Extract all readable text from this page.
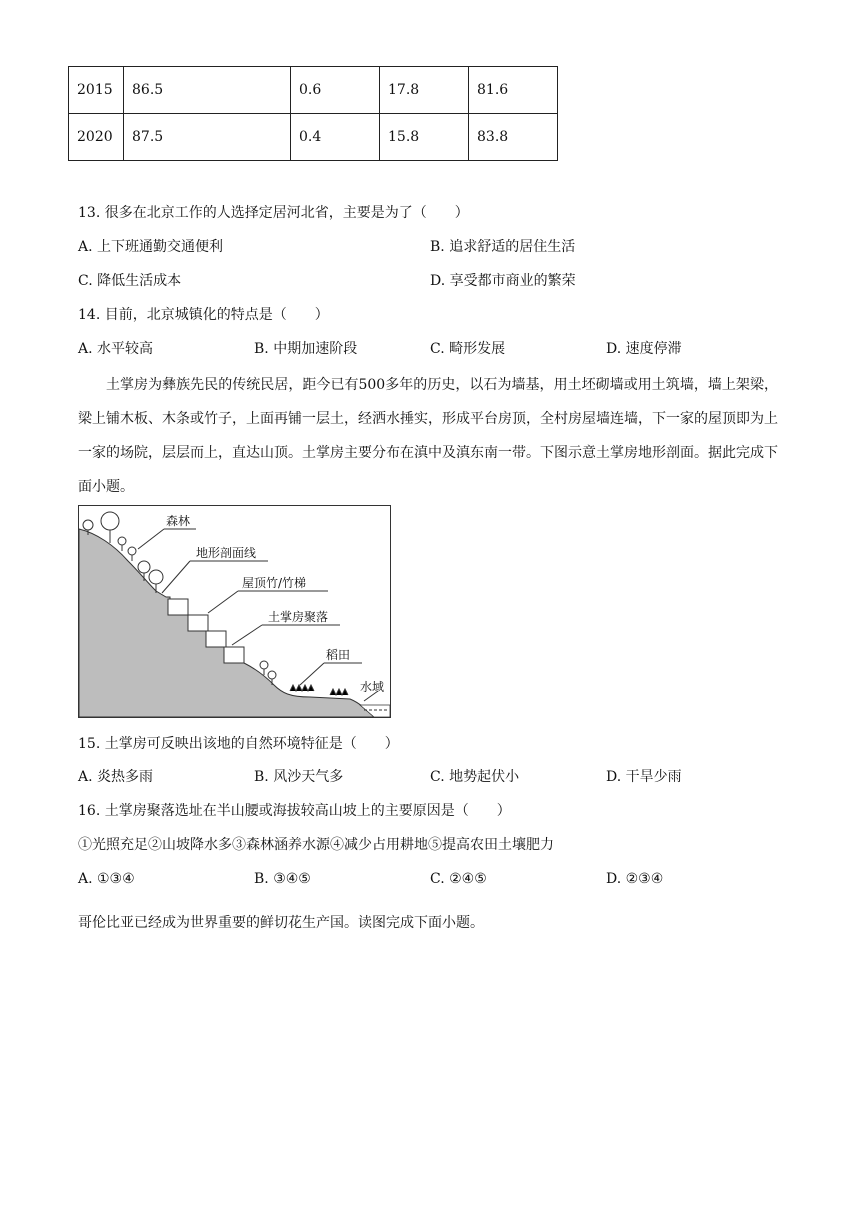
2015	86.5	0.6	17.8	81.6
2020	87.5	0.4	15.8	83.8
13. 很多在北京工作的人选择定居河北省，主要是为了（　　）
A. 上下班通勤交通便利	B. 追求舒适的居住生活
C. 降低生活成本	D. 享受都市商业的繁荣
14. 目前，北京城镇化的特点是（　　）
A. 水平较高	B. 中期加速阶段	C. 畸形发展	D. 速度停滞

土掌房为彝族先民的传统民居，距今已有500多年的历史，以石为墙基，用土坯砌墙或用土筑墙，墙上架梁，梁上铺木板、木条或竹子，上面再铺一层土，经洒水捶实，形成平台房顶，全村房屋墙连墙，下一家的屋顶即为上一家的场院，层层而上，直达山顶。土掌房主要分布在滇中及滇东南一带。下图示意土掌房地形剖面。据此完成下面小题。

森林
地形剖面线
屋顶竹/竹梯
土掌房聚落
稻田
水域
15. 土掌房可反映出该地的自然环境特征是（　　）
A. 炎热多雨	B. 风沙天气多	C. 地势起伏小	D. 干旱少雨
16. 土掌房聚落选址在半山腰或海拔较高山坡上的主要原因是（　　）
①光照充足②山坡降水多③森林涵养水源④减少占用耕地⑤提高农田土壤肥力
A. ①③④	B. ③④⑤	C. ②④⑤	D. ②③④
哥伦比亚已经成为世界重要的鲜切花生产国。读图完成下面小题。
